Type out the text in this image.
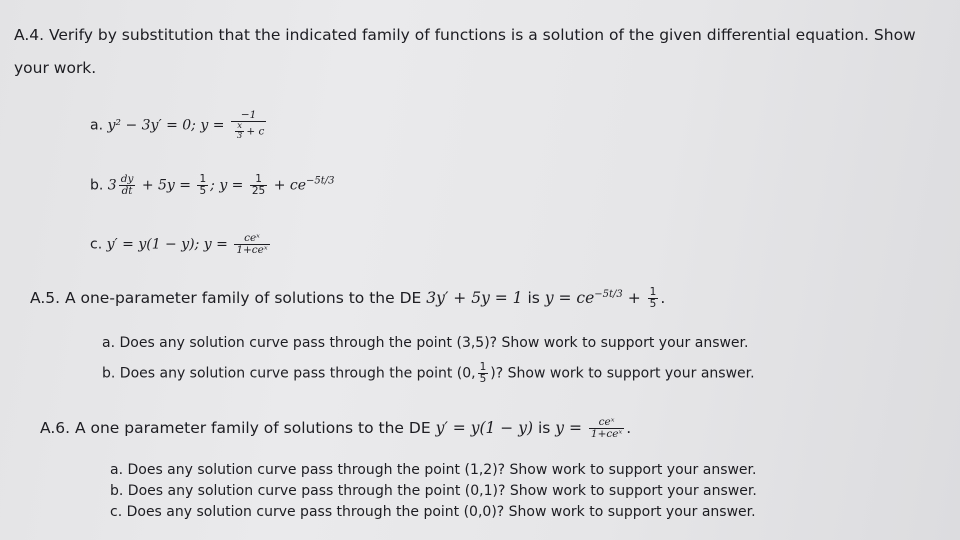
A.4. Verify by substitution that the indicated family of functions is a solution of the given differential equation. Show
your work.
a. y² − 3y′ = 0; $y = \frac{-1}{\frac{x}{3} + c}$
b. $3 \frac{dy}{dt} + 5y = \frac{1}{5}$ ; $y = \frac{1}{25} + ce^{-5t/3}$
c. y′ = y(1 − y); $y = \frac{\text{ceˣ}}{\text{1+ceˣ}}$
A.5. A one-parameter family of solutions to the DE 3y′ + 5y = 1 is $y = ce^{-5t/3} + \frac{1}{5}$ .
a. Does any solution curve pass through the point (3,5)? Show work to support your answer.
b. Does any solution curve pass through the point (0, $\frac{1}{5}$ )? Show work to support your answer.
A.6. A one parameter family of solutions to the DE y′ = y(1 − y) is $y = \frac{\text{ceˣ}}{\text{1+ceˣ}}$ .
a. Does any solution curve pass through the point (1,2)? Show work to support your answer.
b. Does any solution curve pass through the point (0,1)? Show work to support your answer.
c. Does any solution curve pass through the point (0,0)? Show work to support your answer.
